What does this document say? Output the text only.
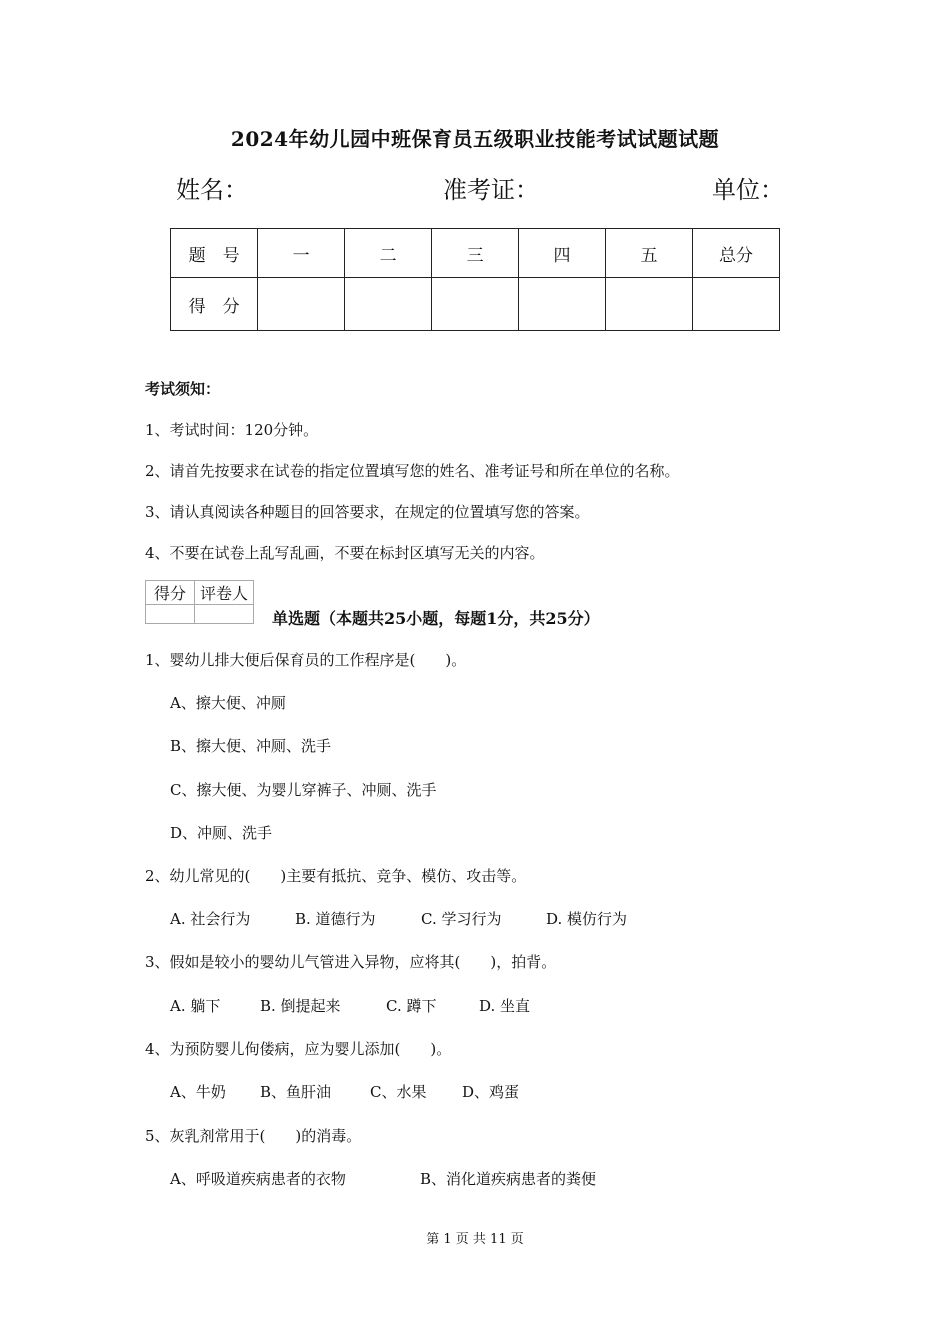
2024年幼儿园中班保育员五级职业技能考试试题试题
姓名：	准考证：	单位：
题　号	一	二	三	四	五	总分
得　分						
考试须知：
1、考试时间：120分钟。
2、请首先按要求在试卷的指定位置填写您的姓名、准考证号和所在单位的名称。
3、请认真阅读各种题目的回答要求，在规定的位置填写您的答案。
4、不要在试卷上乱写乱画，不要在标封区填写无关的内容。
得分	评卷人

单选题（本题共25小题，每题1分，共25分）
1、婴幼儿排大便后保育员的工作程序是(　　)。
A、擦大便、冲厕
B、擦大便、冲厕、洗手
C、擦大便、为婴儿穿裤子、冲厕、洗手
D、冲厕、洗手
2、幼儿常见的(　　)主要有抵抗、竞争、模仿、攻击等。
A. 社会行为	B. 道德行为	C. 学习行为	D. 模仿行为
3、假如是较小的婴幼儿气管进入异物，应将其(　　)，拍背。
A. 躺下	B. 倒提起来	C. 蹲下	D. 坐直
4、为预防婴儿佝偻病，应为婴儿添加(　　)。
A、牛奶 B、鱼肝油	C、水果 D、鸡蛋
5、灰乳剂常用于(　　)的消毒。
A、呼吸道疾病患者的衣物	B、消化道疾病患者的粪便
第 1 页 共 11 页
